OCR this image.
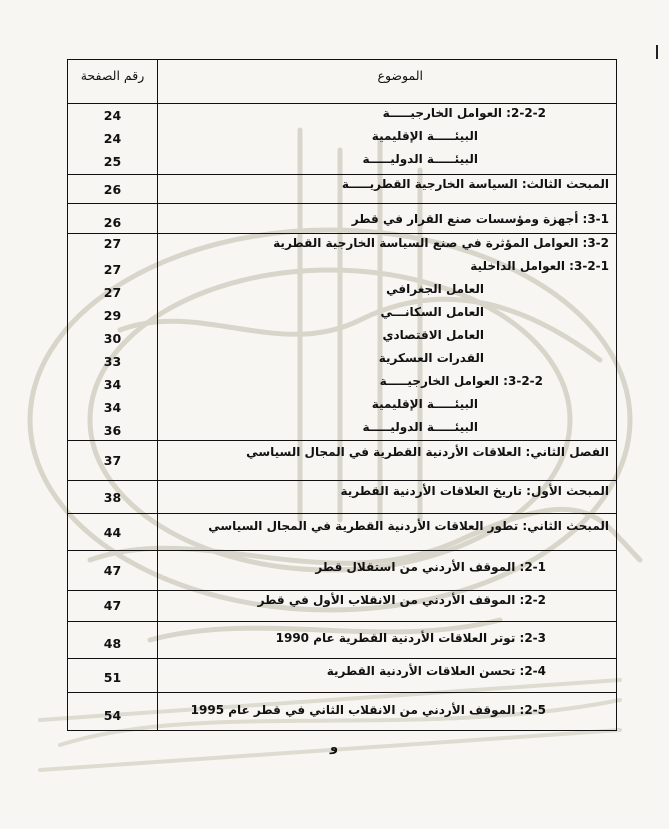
الموضوع
رقم الصفحة
2-2-2: العوامل الخارجيـــــة
24
البيئـــــة الإقليمية
24
البيئـــــة الدوليـــــة
25
المبحث الثالث: السياسة الخارجية القطريـــــة
26
3-1: أجهزة ومؤسسات صنع القرار في قطر
26
3-2: العوامل المؤثرة في صنع السياسة الخارجية القطرية
27
3-2-1: العوامل الداخلية
27
العامل الجغرافي
27
العامل السكانـــي
29
العامل الاقتصادي
30
القدرات العسكرية
33
3-2-2: العوامل الخارجيـــــة
34
البيئـــــة الإقليمية
34
البيئـــــة الدوليـــــة
36
الفصل الثاني: العلاقات الأردنية القطرية في المجال السياسي
37
المبحث الأول: تاريخ العلاقات الأردنية القطرية
38
المبحث الثاني: تطور العلاقات الأردنية القطرية في المجال السياسي
44
2-1: الموقف الأردني من استقلال قطر
47
2-2: الموقف الأردني من الانقلاب الأول في قطر
47
2-3: توتر العلاقات الأردنية القطرية عام 1990
48
2-4: تحسن العلاقات الأردنية القطرية
51
2-5: الموقف الأردني من الانقلاب الثاني في قطر عام 1995
54
و
